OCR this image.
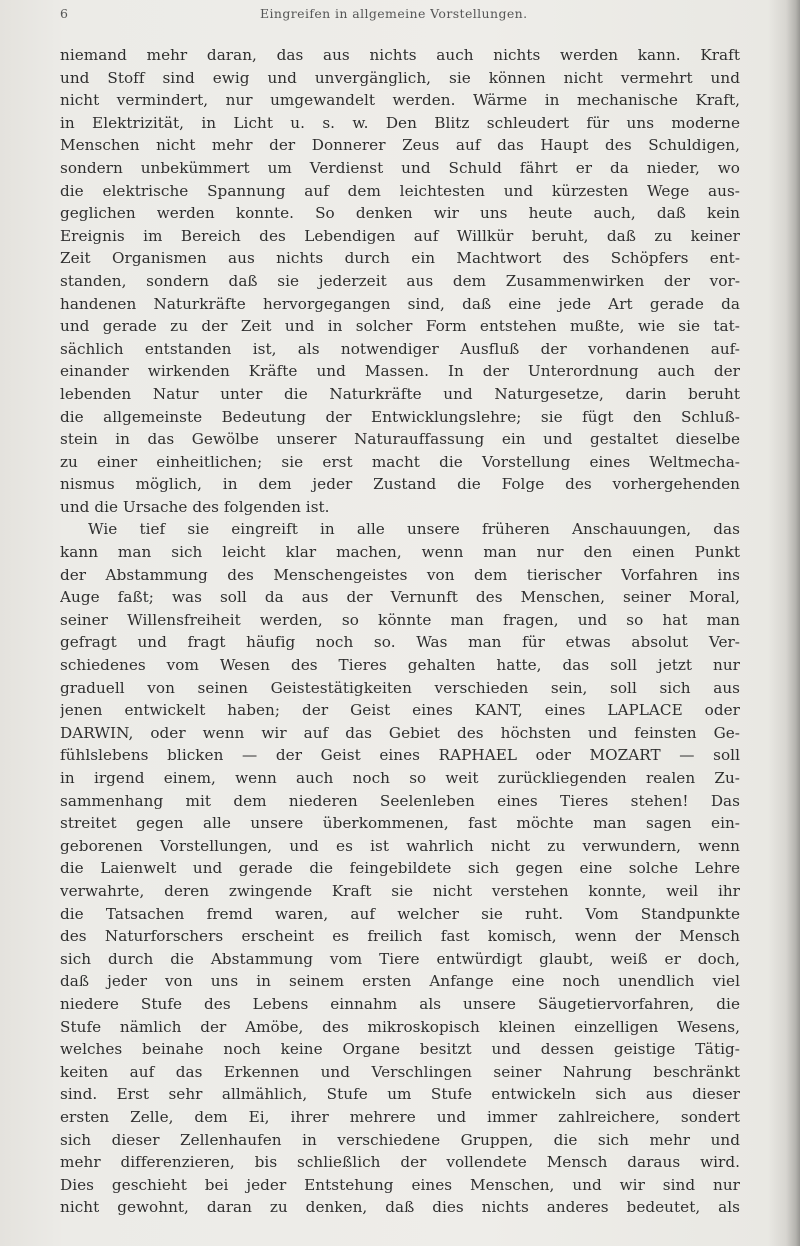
6	Eingreifen in allgemeine Vorstellungen.
niemand mehr daran, das aus nichts auch nichts werden kann. Kraft
und Stoff sind ewig und unvergänglich, sie können nicht vermehrt und
nicht vermindert, nur umgewandelt werden. Wärme in mechanische Kraft,
in Elektrizität, in Licht u. s. w. Den Blitz schleudert für uns moderne
Menschen nicht mehr der Donnerer Zeus auf das Haupt des Schuldigen,
sondern unbekümmert um Verdienst und Schuld fährt er da nieder, wo
die elektrische Spannung auf dem leichtesten und kürzesten Wege aus-
geglichen werden konnte. So denken wir uns heute auch, daß kein
Ereignis im Bereich des Lebendigen auf Willkür beruht, daß zu keiner
Zeit Organismen aus nichts durch ein Machtwort des Schöpfers ent-
standen, sondern daß sie jederzeit aus dem Zusammenwirken der vor-
handenen Naturkräfte hervorgegangen sind, daß eine jede Art gerade da
und gerade zu der Zeit und in solcher Form entstehen mußte, wie sie tat-
sächlich entstanden ist, als notwendiger Ausfluß der vorhandenen auf-
einander wirkenden Kräfte und Massen. In der Unterordnung auch der
lebenden Natur unter die Naturkräfte und Naturgesetze, darin beruht
die allgemeinste Bedeutung der Entwicklungslehre; sie fügt den Schluß-
stein in das Gewölbe unserer Naturauffassung ein und gestaltet dieselbe
zu einer einheitlichen; sie erst macht die Vorstellung eines Weltmecha-
nismus möglich, in dem jeder Zustand die Folge des vorhergehenden
und die Ursache des folgenden ist.
Wie tief sie eingreift in alle unsere früheren Anschauungen, das
kann man sich leicht klar machen, wenn man nur den einen Punkt
der Abstammung des Menschengeistes von dem tierischer Vorfahren ins
Auge faßt; was soll da aus der Vernunft des Menschen, seiner Moral,
seiner Willensfreiheit werden, so könnte man fragen, und so hat man
gefragt und fragt häufig noch so. Was man für etwas absolut Ver-
schiedenes vom Wesen des Tieres gehalten hatte, das soll jetzt nur
graduell von seinen Geistestätigkeiten verschieden sein, soll sich aus
jenen entwickelt haben; der Geist eines KANT, eines LAPLACE oder
DARWIN, oder wenn wir auf das Gebiet des höchsten und feinsten Ge-
fühlslebens blicken — der Geist eines RAPHAEL oder MOZART — soll
in irgend einem, wenn auch noch so weit zurückliegenden realen Zu-
sammenhang mit dem niederen Seelenleben eines Tieres stehen! Das
streitet gegen alle unsere überkommenen, fast möchte man sagen ein-
geborenen Vorstellungen, und es ist wahrlich nicht zu verwundern, wenn
die Laienwelt und gerade die feingebildete sich gegen eine solche Lehre
verwahrte, deren zwingende Kraft sie nicht verstehen konnte, weil ihr
die Tatsachen fremd waren, auf welcher sie ruht. Vom Standpunkte
des Naturforschers erscheint es freilich fast komisch, wenn der Mensch
sich durch die Abstammung vom Tiere entwürdigt glaubt, weiß er doch,
daß jeder von uns in seinem ersten Anfange eine noch unendlich viel
niedere Stufe des Lebens einnahm als unsere Säugetiervorfahren, die
Stufe nämlich der Amöbe, des mikroskopisch kleinen einzelligen Wesens,
welches beinahe noch keine Organe besitzt und dessen geistige Tätig-
keiten auf das Erkennen und Verschlingen seiner Nahrung beschränkt
sind. Erst sehr allmählich, Stufe um Stufe entwickeln sich aus dieser
ersten Zelle, dem Ei, ihrer mehrere und immer zahlreichere, sondert
sich dieser Zellenhaufen in verschiedene Gruppen, die sich mehr und
mehr differenzieren, bis schließlich der vollendete Mensch daraus wird.
Dies geschieht bei jeder Entstehung eines Menschen, und wir sind nur
nicht gewohnt, daran zu denken, daß dies nichts anderes bedeutet, als
